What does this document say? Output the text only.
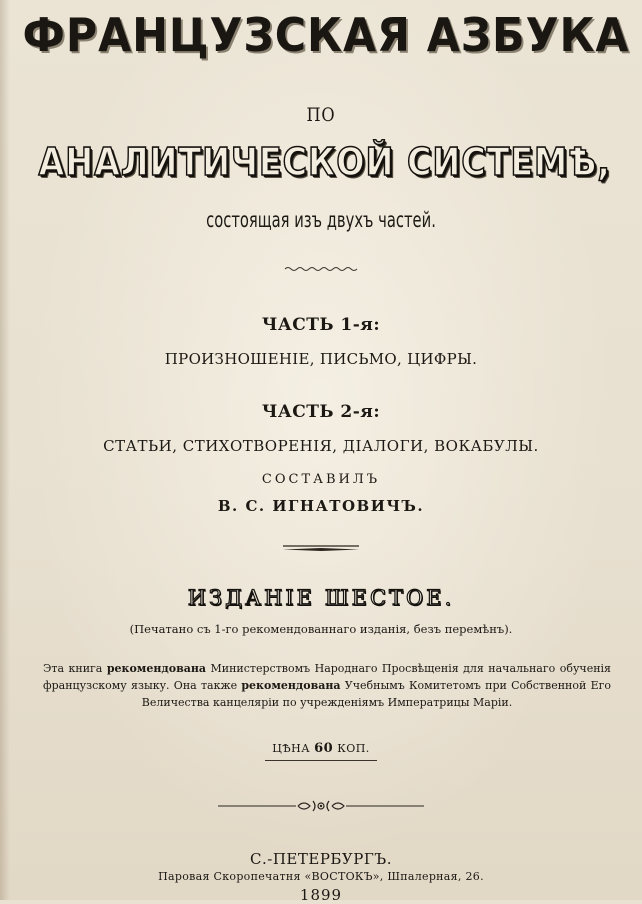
ФРАНЦУЗСКАЯ АЗБУКА
ПО
АНАЛИТИЧЕСКОЙ СИСТЕМѢ,
состоящая изъ двухъ частей.
ЧАСТЬ 1-я:
ПРОИЗНОШЕНІЕ, ПИСЬМО, ЦИФРЫ.
ЧАСТЬ 2-я:
СТАТЬИ, СТИХОТВОРЕНІЯ, ДІАЛОГИ, ВОКАБУЛЫ.
СОСТАВИЛЪ
В. С. ИГНАТОВИЧЪ.
ИЗДАНІЕ ШЕСТОЕ.
(Печатано съ 1-го рекомендованнаго изданія, безъ перемѣнъ).
Эта книга рекомендована Министерствомъ Народнаго Просвѣщенія для начальнаго обученія французскому языку. Она также рекомендована Учебнымъ Комитетомъ при Собственной Его Величества канцеляріи по учрежденіямъ Императрицы Маріи.
ЦѢНА 60 КОП.
С.-ПЕТЕРБУРГЪ.
Паровая Скоропечатня «ВОСТОКЪ», Шпалерная, 26.
1899
